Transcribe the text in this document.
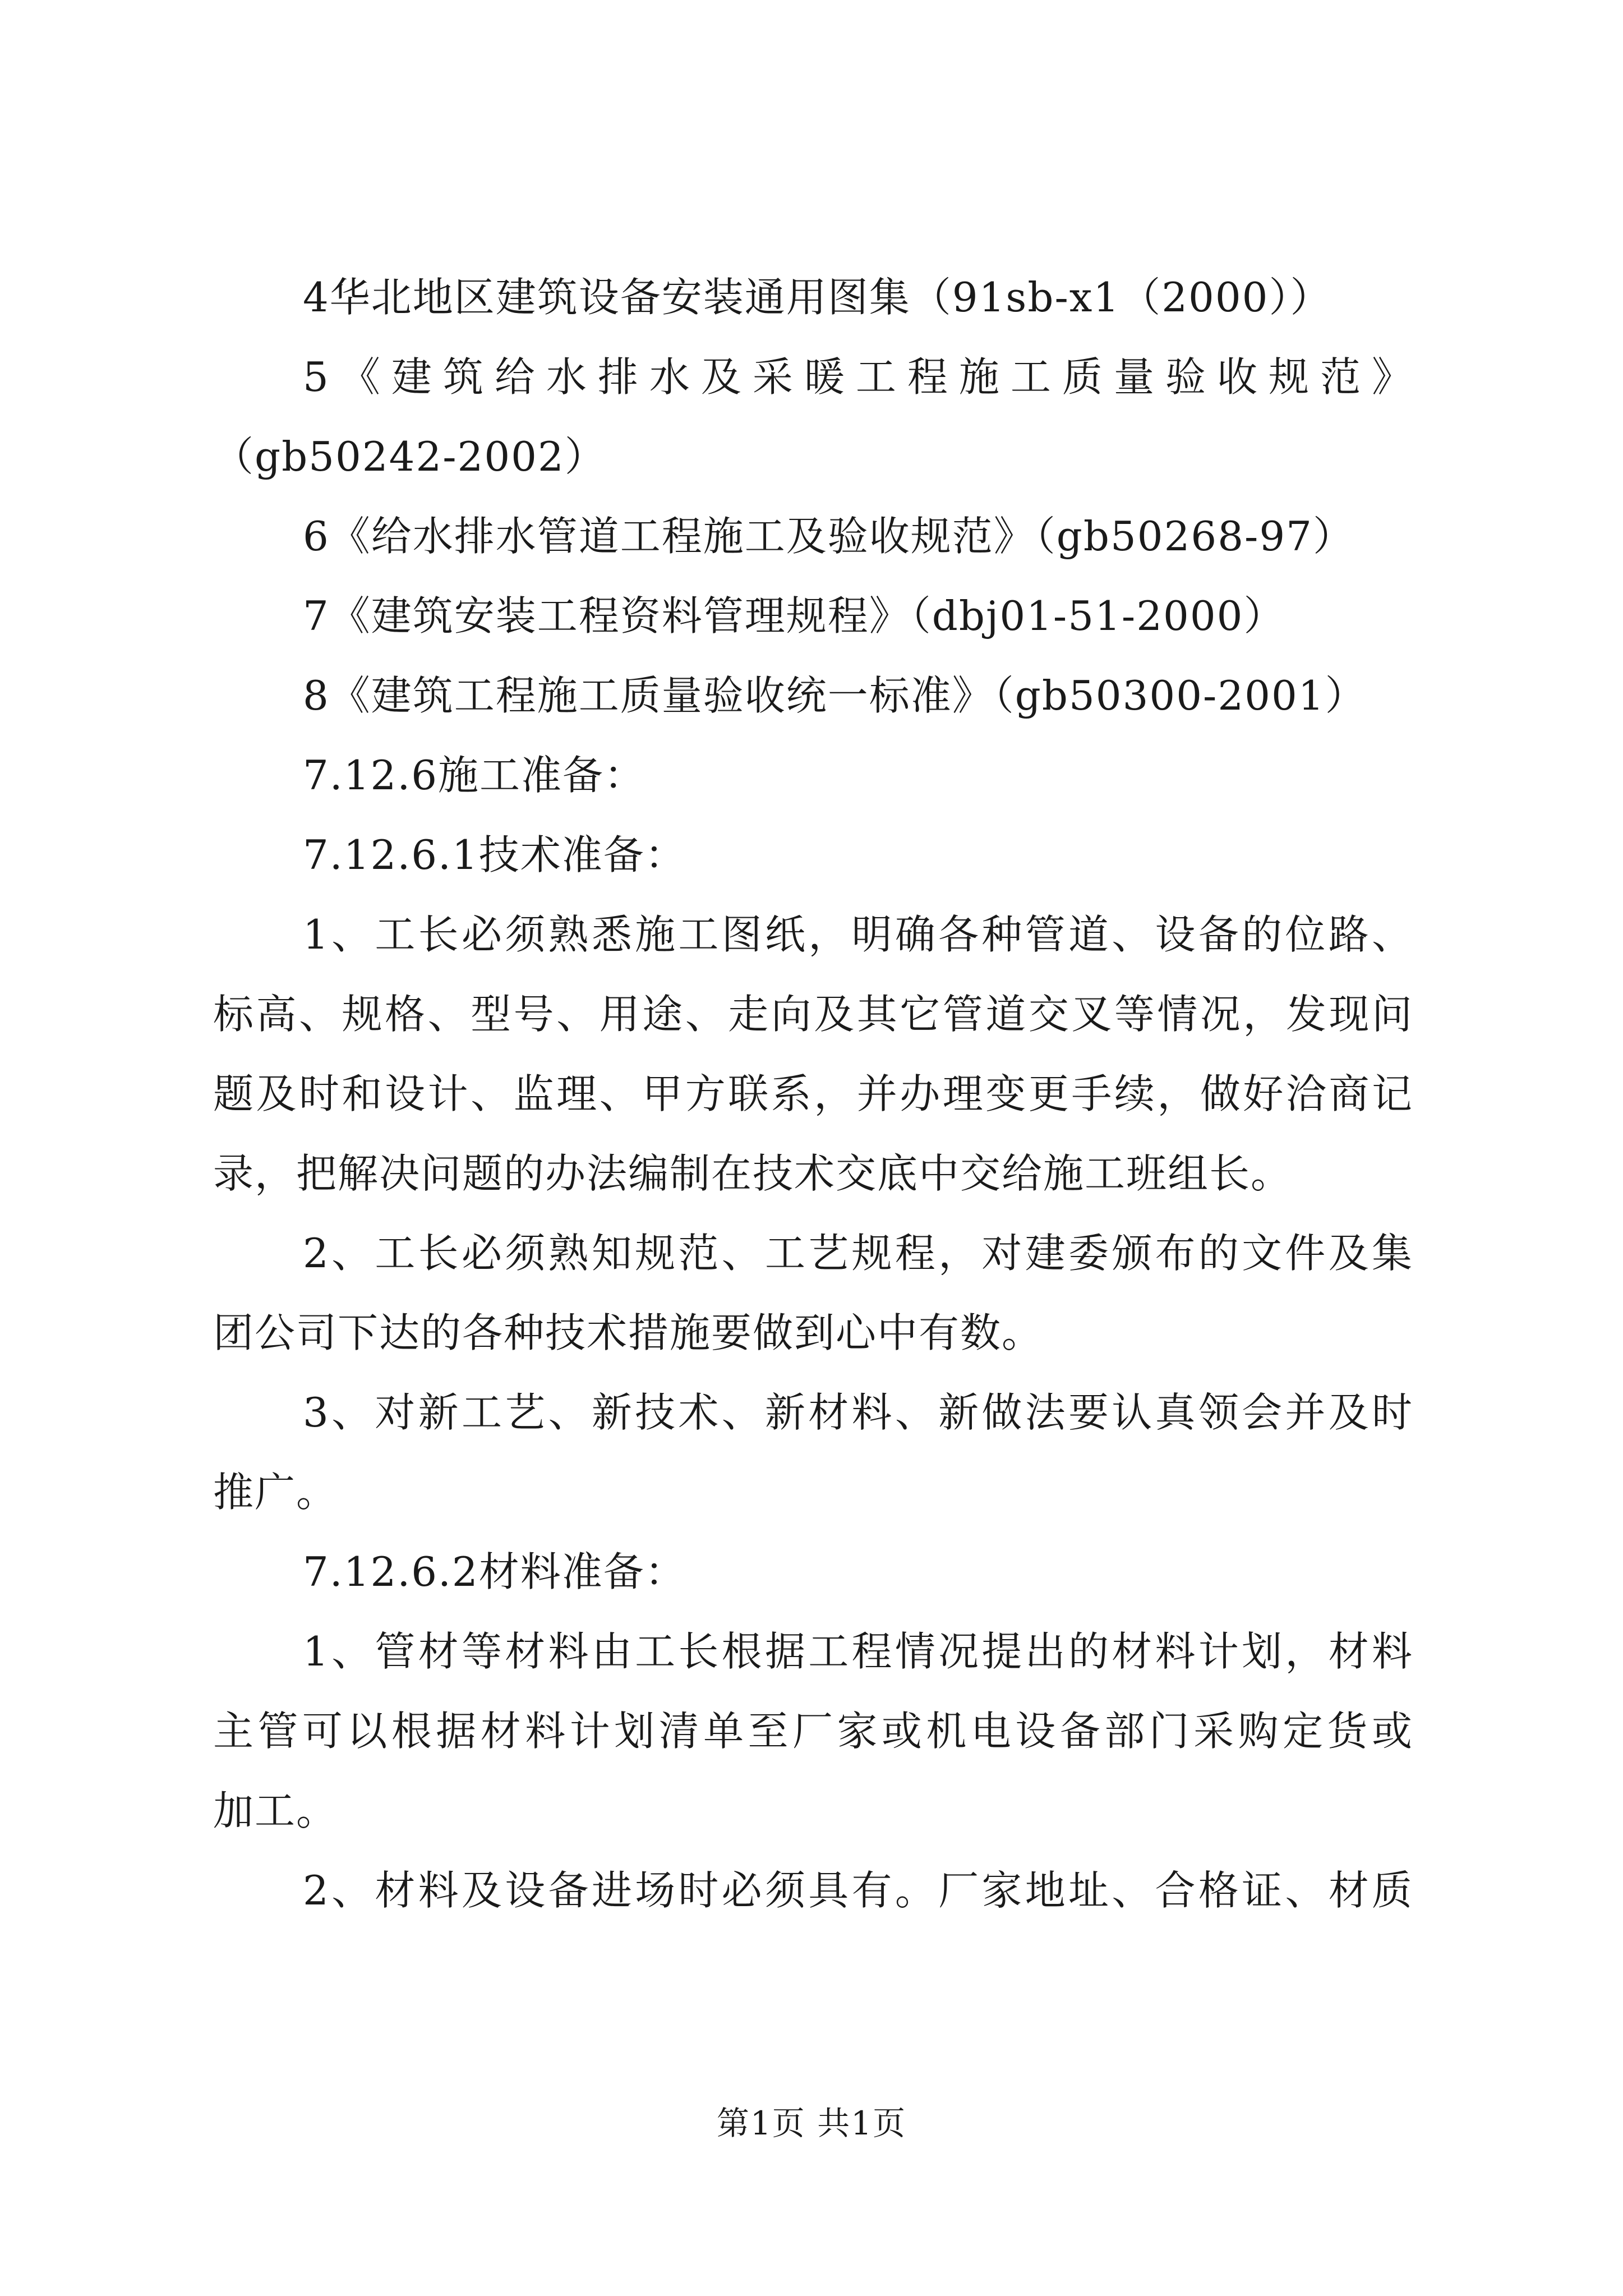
4华北地区建筑设备安装通用图集（91sb-x1（2000））
5《建筑给水排水及采暖工程施工质量验收规范》
（gb50242-2002）
6《给水排水管道工程施工及验收规范》（gb50268-97）
7《建筑安装工程资料管理规程》（dbj01-51-2000）
8《建筑工程施工质量验收统一标准》（gb50300-2001）
7.12.6施工准备：
7.12.6.1技术准备：
1、工长必须熟悉施工图纸，明确各种管道、设备的位路、
标高、规格、型号、用途、走向及其它管道交叉等情况，发现问
题及时和设计、监理、甲方联系，并办理变更手续，做好洽商记
录，把解决问题的办法编制在技术交底中交给施工班组长。
2、工长必须熟知规范、工艺规程，对建委颁布的文件及集
团公司下达的各种技术措施要做到心中有数。
3、对新工艺、新技术、新材料、新做法要认真领会并及时
推广。
7.12.6.2材料准备：
1、管材等材料由工长根据工程情况提出的材料计划，材料
主管可以根据材料计划清单至厂家或机电设备部门采购定货或
加工。
2、材料及设备进场时必须具有。厂家地址、合格证、材质
第1页 共1页
